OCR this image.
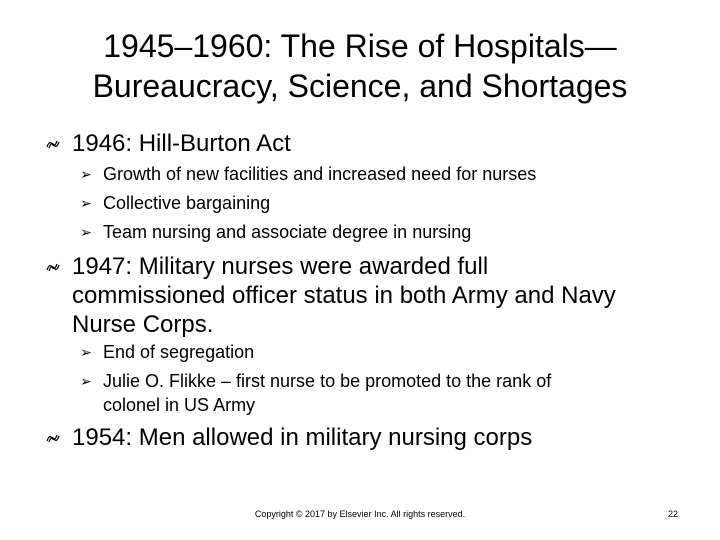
1945–1960: The Rise of Hospitals—
Bureaucracy, Science, and Shortages
1946: Hill-Burton Act
➢ Growth of new facilities and increased need for nurses
➢ Collective bargaining
➢ Team nursing and associate degree in nursing
1947: Military nurses were awarded full
commissioned officer status in both Army and Navy
Nurse Corps.
➢ End of segregation
➢ Julie O. Flikke – first nurse to be promoted to the rank of
colonel in US Army
1954: Men allowed in military nursing corps
Copyright © 2017 by Elsevier Inc. All rights reserved.	22
